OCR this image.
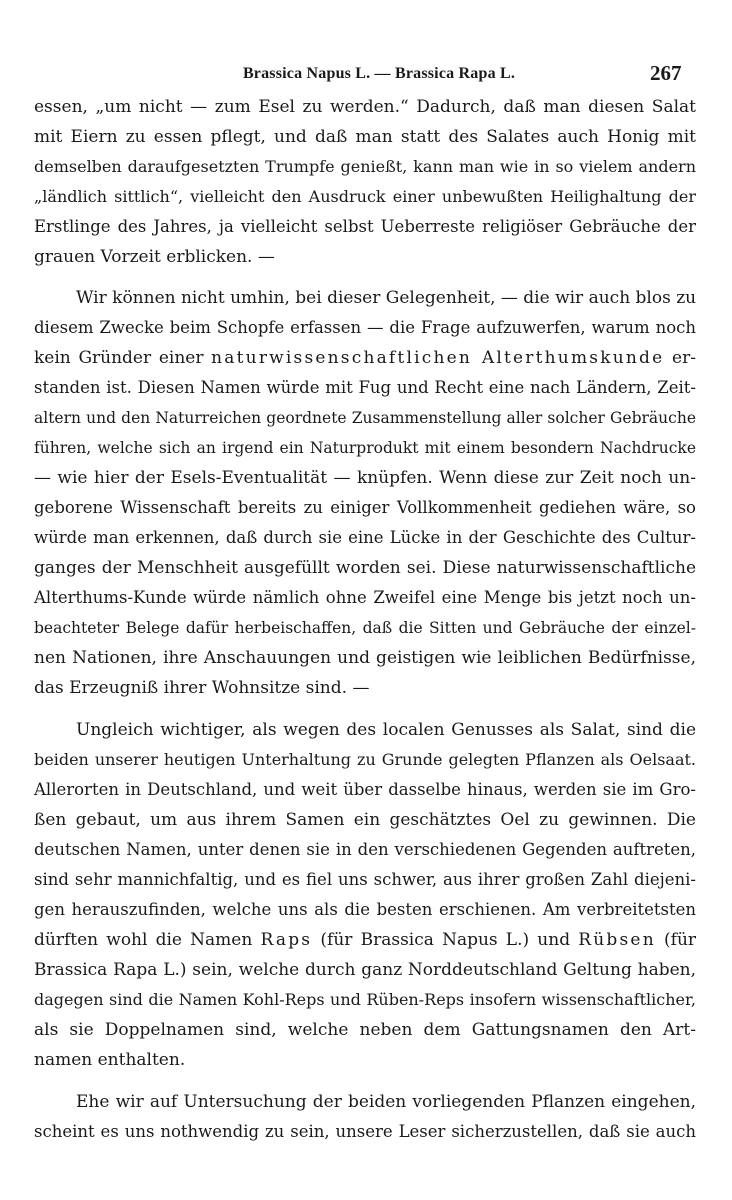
Brassica Napus L. — Brassica Rapa L.	267
essen, „um nicht — zum Esel zu werden.“ Dadurch, daß man diesen Salat
mit Eiern zu essen pflegt, und daß man statt des Salates auch Honig mit
demselben daraufgesetzten Trumpfe genießt, kann man wie in so vielem andern
„ländlich sittlich“, vielleicht den Ausdruck einer unbewußten Heilighaltung der
Erstlinge des Jahres, ja vielleicht selbst Ueberreste religiöser Gebräuche der
grauen Vorzeit erblicken. —
Wir können nicht umhin, bei dieser Gelegenheit, — die wir auch blos zu
diesem Zwecke beim Schopfe erfassen — die Frage aufzuwerfen, warum noch
kein Gründer einer naturwissenschaftlichen Alterthumskunde er-
standen ist. Diesen Namen würde mit Fug und Recht eine nach Ländern, Zeit-
altern und den Naturreichen geordnete Zusammenstellung aller solcher Gebräuche
führen, welche sich an irgend ein Naturprodukt mit einem besondern Nachdrucke
— wie hier der Esels-Eventualität — knüpfen. Wenn diese zur Zeit noch un-
geborene Wissenschaft bereits zu einiger Vollkommenheit gediehen wäre, so
würde man erkennen, daß durch sie eine Lücke in der Geschichte des Cultur-
ganges der Menschheit ausgefüllt worden sei. Diese naturwissenschaftliche
Alterthums-Kunde würde nämlich ohne Zweifel eine Menge bis jetzt noch un-
beachteter Belege dafür herbeischaffen, daß die Sitten und Gebräuche der einzel-
nen Nationen, ihre Anschauungen und geistigen wie leiblichen Bedürfnisse,
das Erzeugniß ihrer Wohnsitze sind. —
Ungleich wichtiger, als wegen des localen Genusses als Salat, sind die
beiden unserer heutigen Unterhaltung zu Grunde gelegten Pflanzen als Oelsaat.
Allerorten in Deutschland, und weit über dasselbe hinaus, werden sie im Gro-
ßen gebaut, um aus ihrem Samen ein geschätztes Oel zu gewinnen. Die
deutschen Namen, unter denen sie in den verschiedenen Gegenden auftreten,
sind sehr mannichfaltig, und es fiel uns schwer, aus ihrer großen Zahl diejeni-
gen herauszufinden, welche uns als die besten erschienen. Am verbreitetsten
dürften wohl die Namen Raps (für Brassica Napus L.) und Rübsen (für
Brassica Rapa L.) sein, welche durch ganz Norddeutschland Geltung haben,
dagegen sind die Namen Kohl-Reps und Rüben-Reps insofern wissenschaftlicher,
als sie Doppelnamen sind, welche neben dem Gattungsnamen den Art-
namen enthalten.
Ehe wir auf Untersuchung der beiden vorliegenden Pflanzen eingehen,
scheint es uns nothwendig zu sein, unsere Leser sicherzustellen, daß sie auch
